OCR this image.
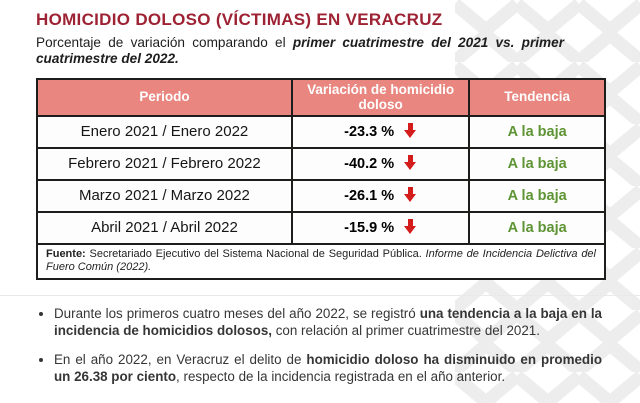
HOMICIDIO DOLOSO (VÍCTIMAS) EN VERACRUZ

Porcentaje de variación comparando el primer cuatrimestre del 2021 vs. primer cuatrimestre del 2022.

Periodo	Variación de homicidio doloso	Tendencia
Enero 2021 / Enero 2022	-23.3 %	A la baja
Febrero 2021 / Febrero 2022	-40.2 %	A la baja
Marzo 2021 / Marzo 2022	-26.1 %	A la baja
Abril 2021 / Abril 2022	-15.9 %	A la baja
Fuente: Secretariado Ejecutivo del Sistema Nacional de Seguridad Pública. Informe de Incidencia Delictiva del Fuero Común (2022).		
• Durante los primeros cuatro meses del año 2022, se registró una tendencia a la baja en la incidencia de homicidios dolosos, con relación al primer cuatrimestre del 2021.
• En el año 2022, en Veracruz el delito de homicidio doloso ha disminuido en promedio un 26.38 por ciento, respecto de la incidencia registrada en el año anterior.
